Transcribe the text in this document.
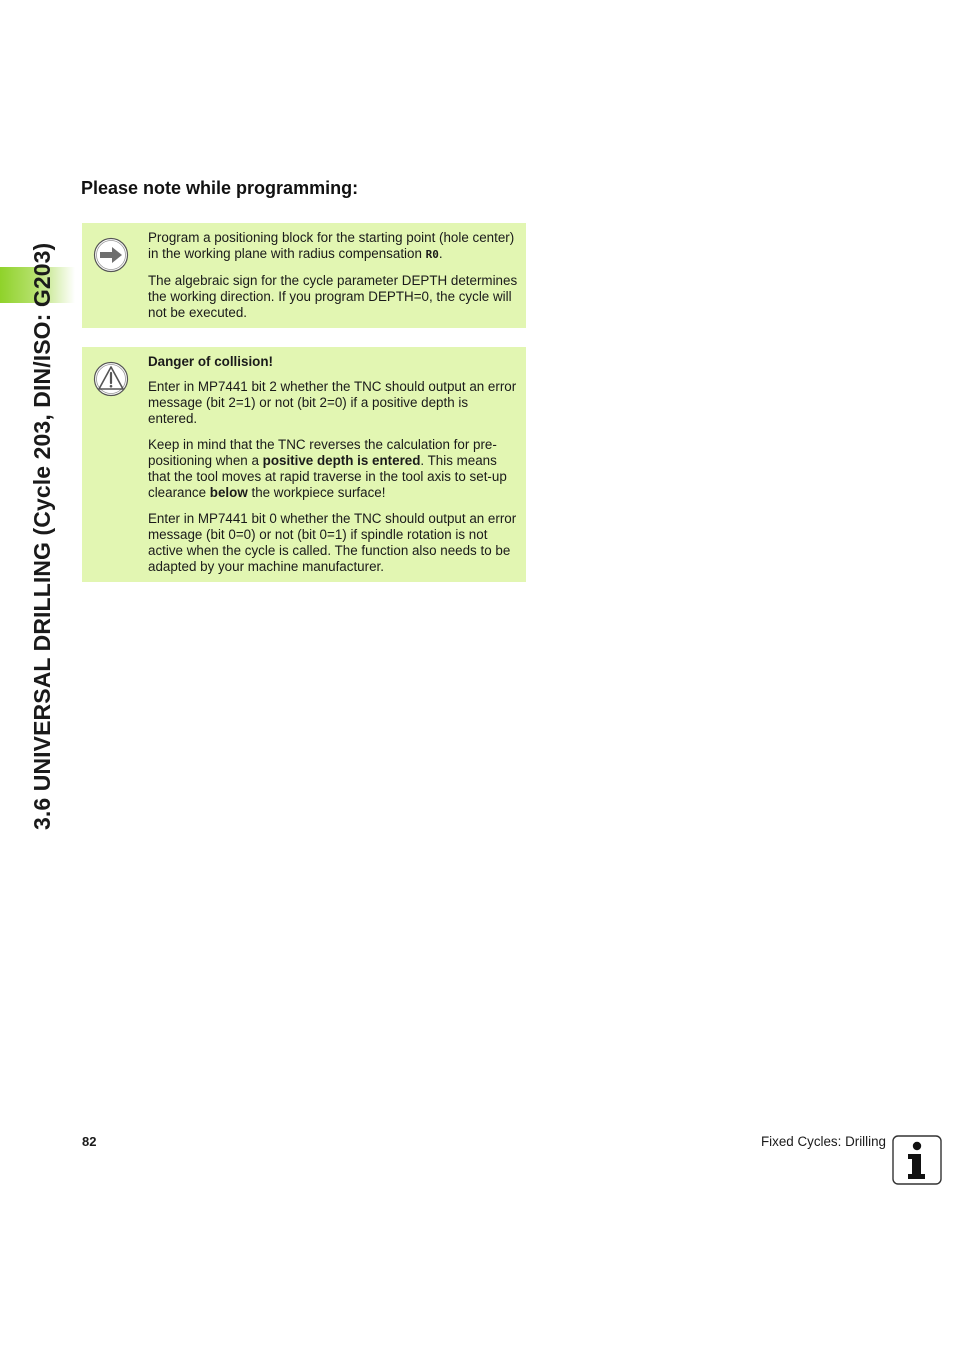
3.6 UNIVERSAL DRILLING (Cycle 203, DIN/ISO: G203)
Please note while programming:

Program a positioning block for the starting point (hole center) in the working plane with radius compensation R0.

The algebraic sign for the cycle parameter DEPTH determines the working direction. If you program DEPTH=0, the cycle will not be executed.

Danger of collision!

Enter in MP7441 bit 2 whether the TNC should output an error message (bit 2=1) or not (bit 2=0) if a positive depth is entered.

Keep in mind that the TNC reverses the calculation for pre-positioning when a positive depth is entered. This means that the tool moves at rapid traverse in the tool axis to set-up clearance below the workpiece surface!

Enter in MP7441 bit 0 whether the TNC should output an error message (bit 0=0) or not (bit 0=1) if spindle rotation is not active when the cycle is called. The function also needs to be adapted by your machine manufacturer.

82	Fixed Cycles: Drilling
